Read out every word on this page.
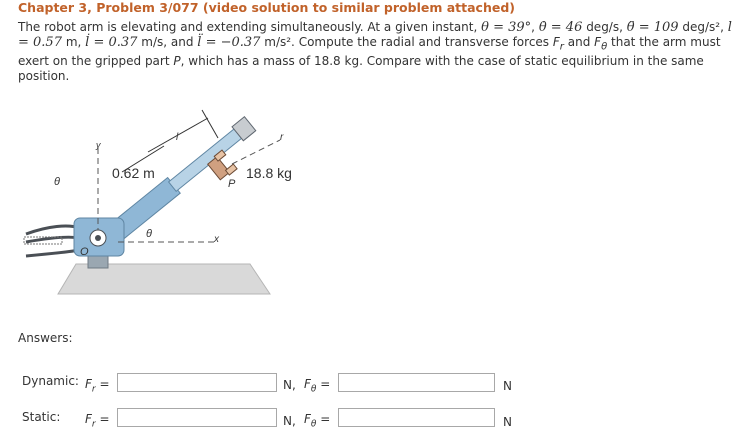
Chapter 3, Problem 3/077 (video solution to similar problem attached)
The robot arm is elevating and extending simultaneously. At a given instant, θ = 39°, θ̇ = 46 deg/s, θ̈ = 109 deg/s², l = 0.57 m, l̇ = 0.37 m/s, and l̈ = −0.37 m/s². Compute the radial and transverse forces $F_r$ and $F_\theta$ that the arm must exert on the gripped part P, which has a mass of 18.8 kg. Compare with the case of static equilibrium in the same position.
y
0.62 m	18.8 kg
θ
θ	x
r
l
O
P
Answers:
Dynamic: $F_r$ =	N, $F_\theta$ =	N
Static: $F_r$ =	N, $F_\theta$ =	N
